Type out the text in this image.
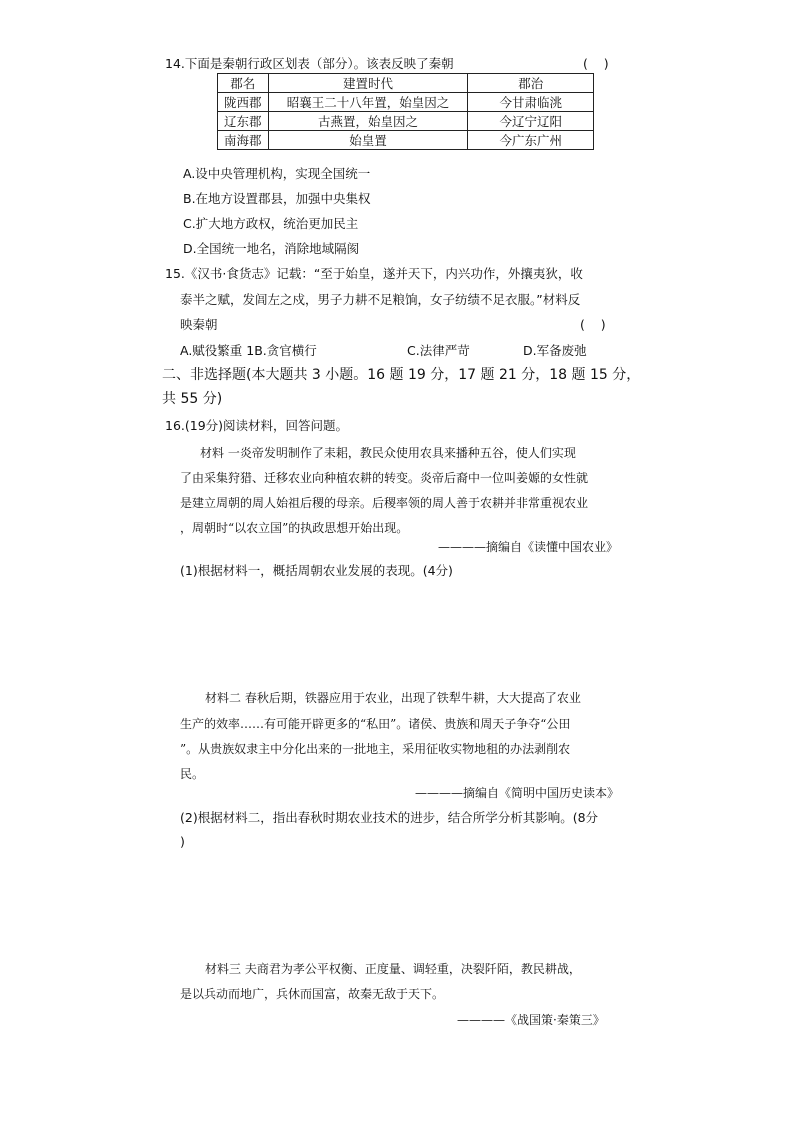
14.下面是秦朝行政区划表（部分）。该表反映了秦朝	(    )
郡名	建置时代	郡治
陇西郡	昭襄王二十八年置，始皇因之	今甘肃临洮
辽东郡	古燕置，始皇因之	今辽宁辽阳
南海郡	始皇置	今广东广州
A.设中央管理机构，实现全国统一
B.在地方设置郡县，加强中央集权
C.扩大地方政权，统治更加民主
D.全国统一地名，消除地域隔阂
15.《汉书·食货志》记载：“至于始皇，遂并天下，内兴功作，外攘夷狄，收
泰半之赋，发闾左之戍，男子力耕不足粮饷，女子纺绩不足衣服。”材料反
映秦朝	(    )
A.赋役繁重 1B.贪官横行	C.法律严苛	D.军备废弛
二、非选择题(本大题共 3 小题。16 题 19 分，17 题 21 分，18 题 15 分，
共 55 分)
16.(19分)阅读材料，回答问题。
材料 一炎帝发明制作了耒耜，教民众使用农具来播种五谷，使人们实现
了由采集狩猎、迁移农业向种植农耕的转变。炎帝后裔中一位叫姜嫄的女性就
是建立周朝的周人始祖后稷的母亲。后稷率领的周人善于农耕并非常重视农业
，周朝时“以农立国”的执政思想开始出现。
————摘编自《读懂中国农业》
(1)根据材料一，概括周朝农业发展的表现。(4分)
材料二 春秋后期，铁器应用于农业，出现了铁犁牛耕，大大提高了农业
生产的效率……有可能开辟更多的“私田”。诸侯、贵族和周天子争夺“公田
”。从贵族奴隶主中分化出来的一批地主，采用征收实物地租的办法剥削农
民。
————摘编自《简明中国历史读本》
(2)根据材料二，指出春秋时期农业技术的进步，结合所学分析其影响。(8分
)
材料三 夫商君为孝公平权衡、正度量、调轻重，决裂阡陌，教民耕战，
是以兵动而地广，兵休而国富，故秦无敌于天下。
————《战国策·秦策三》
